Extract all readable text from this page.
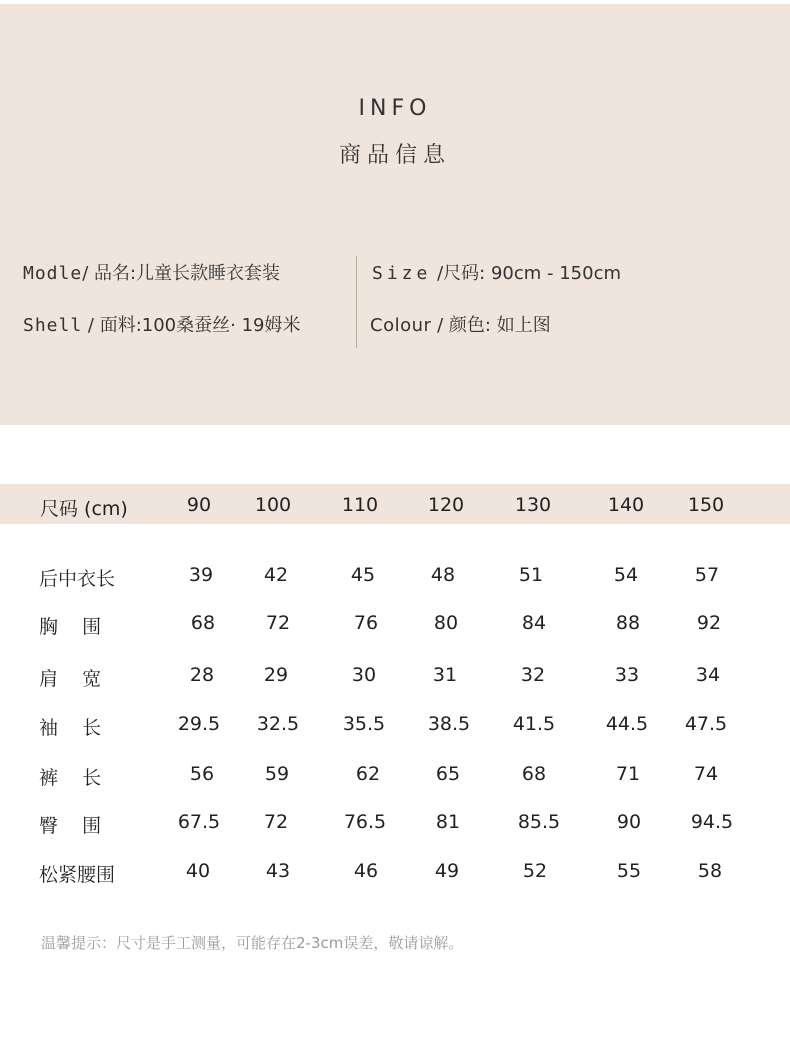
INFO
商品信息
Modle/ 品名:儿童长款睡衣套装
Shell / 面料:100桑蚕丝· 19姆米
Size /尺码: 90cm - 150cm
Colour / 颜色: 如上图
尺码 (cm)	90 100	110	120	130	140 150
后中衣长	39	42	45	48	51	54	57
胸    围	68	72	76	80	84	88	92
肩    宽	28	29	30	31	32	33	34
袖    长	29.5 32.5 35.5 38.5 41.5	44.5 47.5
裤    长	56	59	62	65	68	71	74
臀    围	67.5 72	76.5	81	85.5	90	94.5
松紧腰围	40	43	46	49	52	55	58
温馨提示：尺寸是手工测量，可能存在2-3cm误差，敬请谅解。
